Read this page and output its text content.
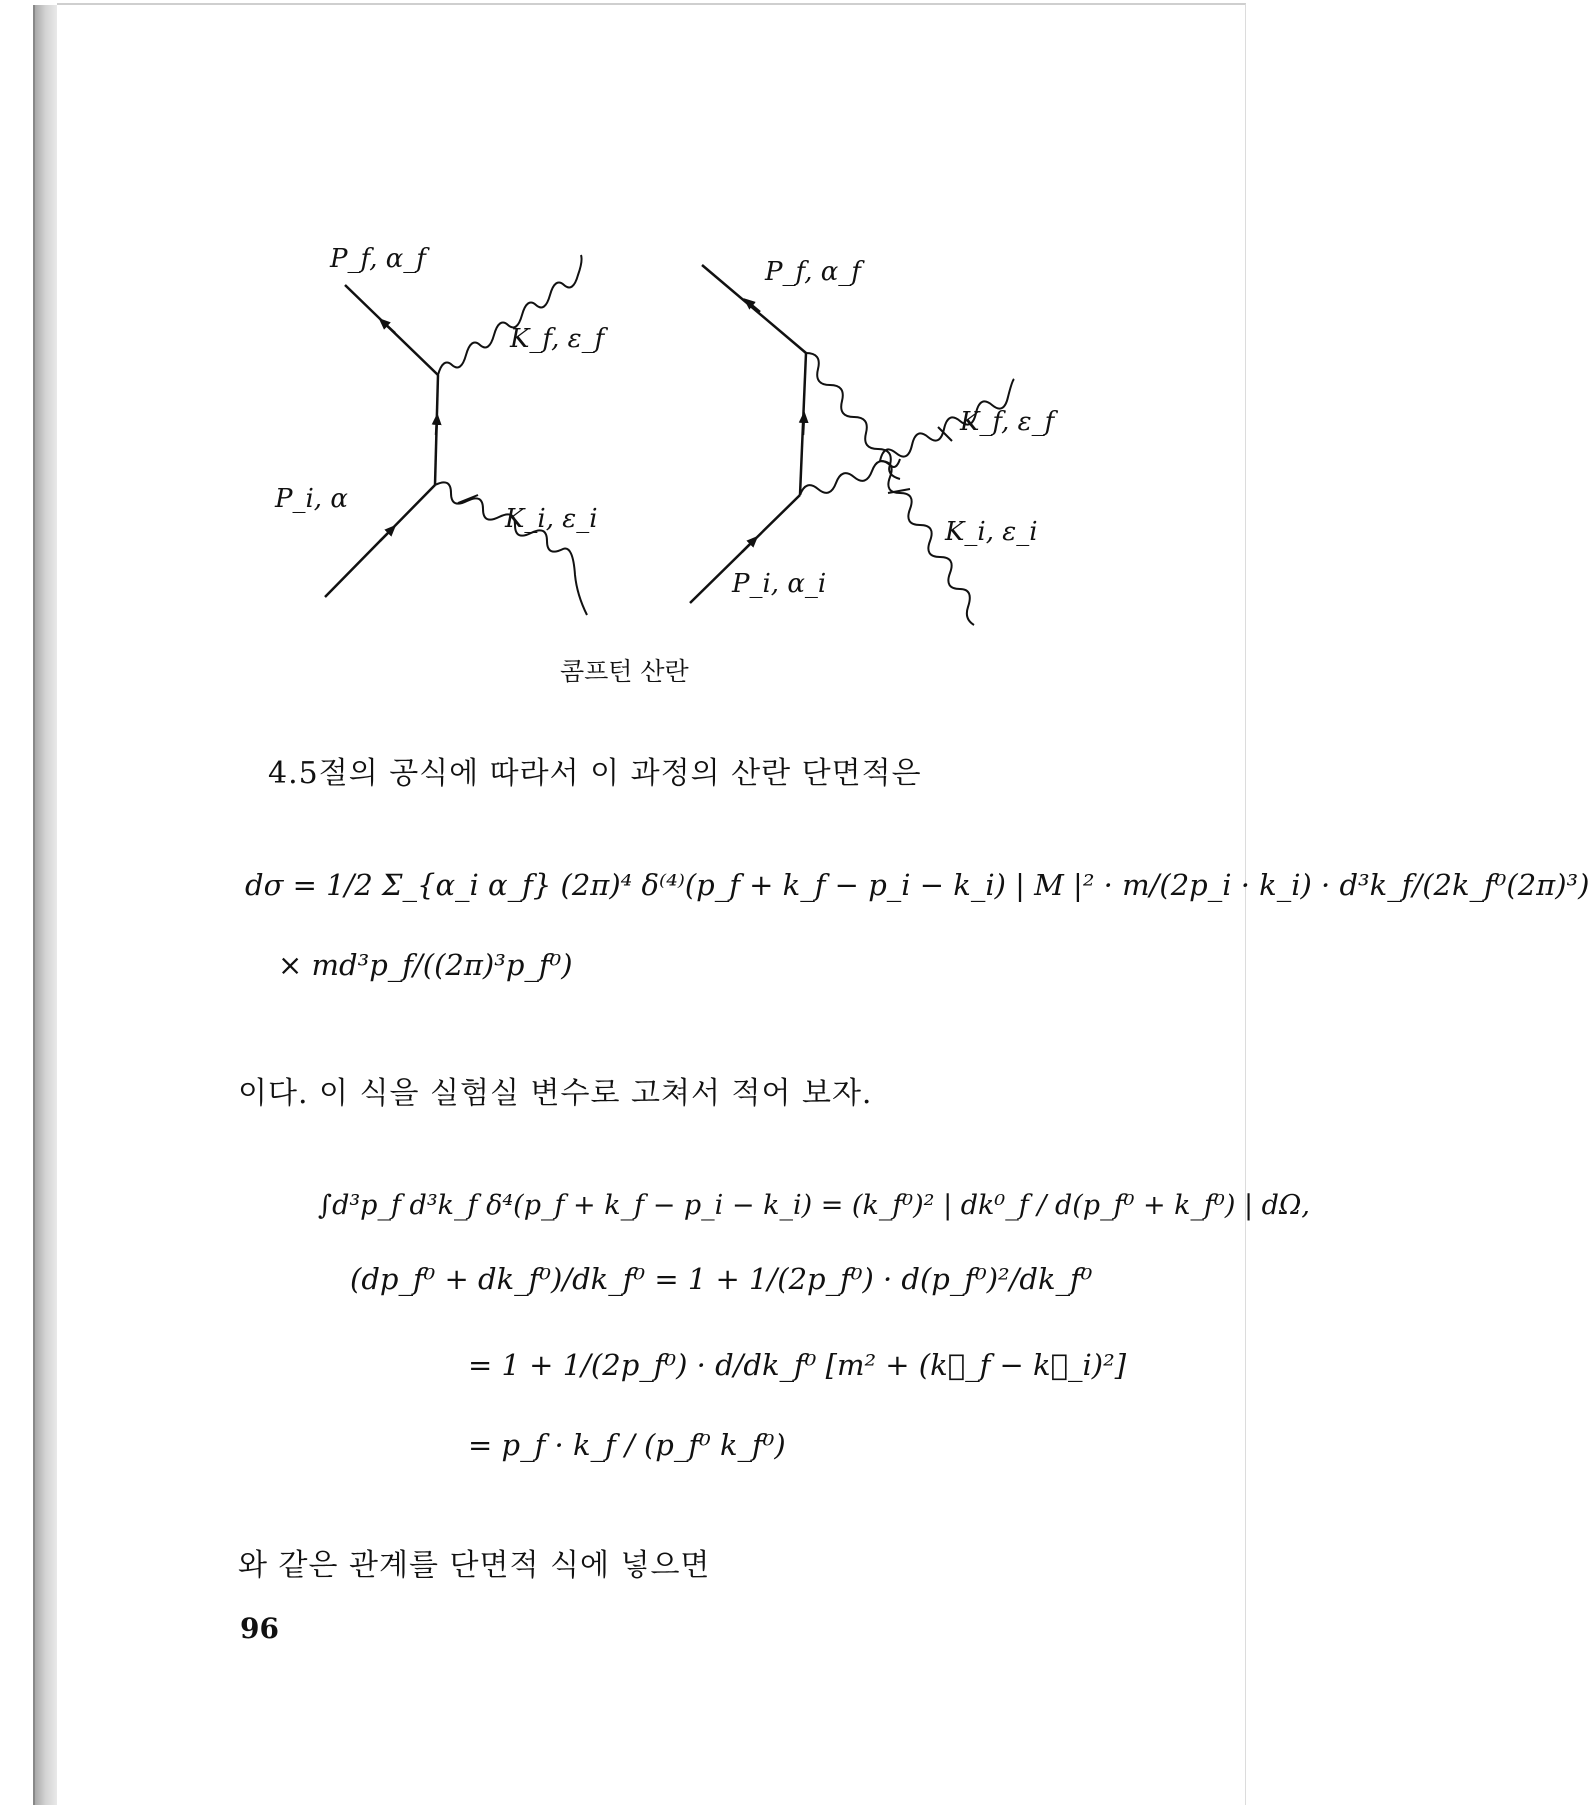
P_f, α_f
K_f, ε_f
P_i, α
K_i, ε_i
P_f, α_f
K_f, ε_f
K_i, ε_i
P_i, α_i
콤프턴 산란
4.5절의 공식에 따라서 이 과정의 산란 단면적은
dσ = 1/2 Σ_{α_i α_f} (2π)⁴ δ⁽⁴⁾(p_f + k_f − p_i − k_i) | M |² · m/(2p_i · k_i) · d³k_f/(2k_f⁰(2π)³)
× md³p_f/((2π)³p_f⁰)
이다. 이 식을 실험실 변수로 고쳐서 적어 보자.
∫d³p_f d³k_f δ⁴(p_f + k_f − p_i − k_i) = (k_f⁰)² | dk⁰_f / d(p_f⁰ + k_f⁰) | dΩ,
(dp_f⁰ + dk_f⁰)/dk_f⁰ = 1 + 1/(2p_f⁰) · d(p_f⁰)²/dk_f⁰
= 1 + 1/(2p_f⁰) · d/dk_f⁰ [m² + (k⃗_f − k⃗_i)²]
= p_f · k_f / (p_f⁰ k_f⁰)
와 같은 관계를 단면적 식에 넣으면
96
